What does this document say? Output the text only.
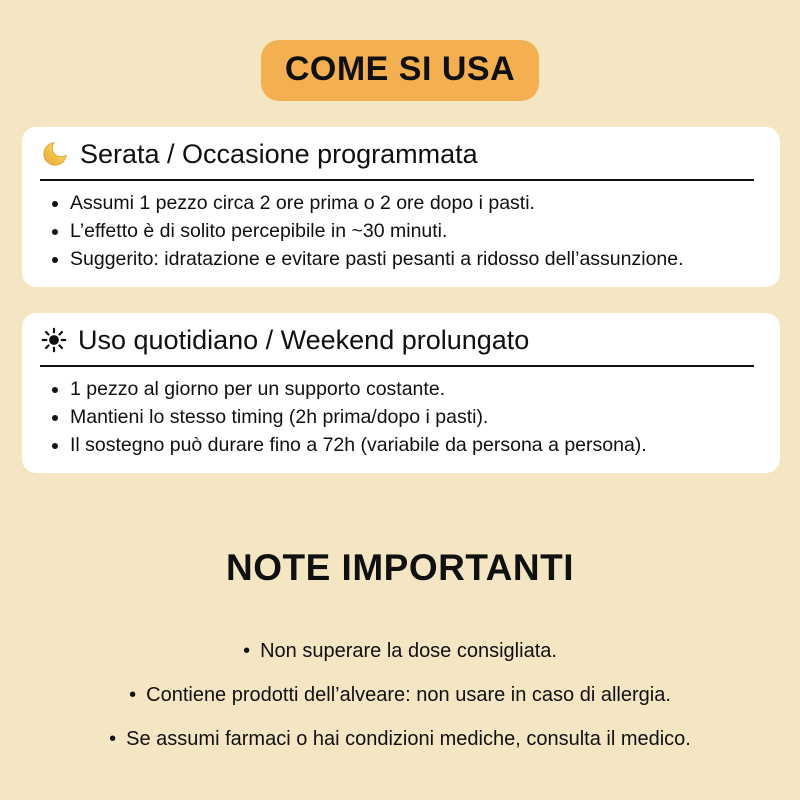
COME SI USA
Serata / Occasione programmata
• Assumi 1 pezzo circa 2 ore prima o 2 ore dopo i pasti.
• L’effetto è di solito percepibile in ~30 minuti.
• Suggerito: idratazione e evitare pasti pesanti a ridosso dell’assunzione.
Uso quotidiano / Weekend prolungato
• 1 pezzo al giorno per un supporto costante.
• Mantieni lo stesso timing (2h prima/dopo i pasti).
• Il sostegno può durare fino a 72h (variabile da persona a persona).
NOTE IMPORTANTI
• Non superare la dose consigliata.
• Contiene prodotti dell’alveare: non usare in caso di allergia.
• Se assumi farmaci o hai condizioni mediche, consulta il medico.
